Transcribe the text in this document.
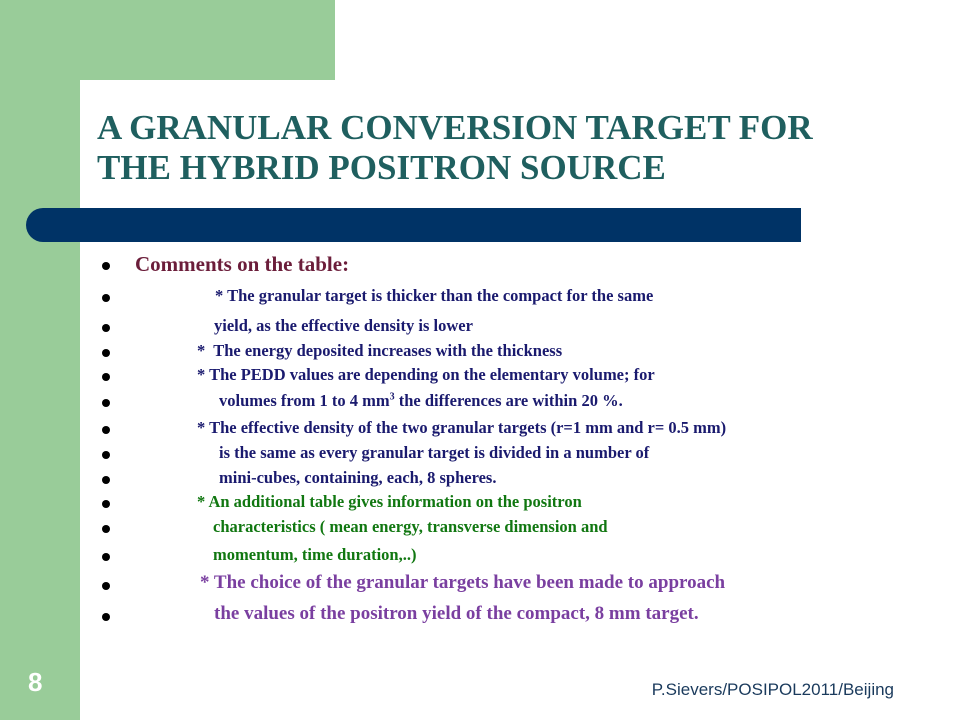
A GRANULAR CONVERSION TARGET FOR
THE HYBRID POSITRON SOURCE
Comments on the table:
* The granular target is thicker than the compact for the same
yield, as the effective density is lower
*  The energy deposited increases with the thickness
* The PEDD values are depending on the elementary volume; for
volumes from 1 to 4 $mm^3$ the differences are within 20 %.
* The effective density of the two granular targets (r=1 mm and r= 0.5 mm)
is the same as every granular target is divided in a number of
mini-cubes, containing, each, 8 spheres.
* An additional table gives information on the positron
characteristics ( mean energy, transverse dimension and
momentum, time duration,..)
* The choice of the granular targets have been made to approach
the values of the positron yield of the compact, 8 mm target.
8	P.Sievers/POSIPOL2011/Beijing
